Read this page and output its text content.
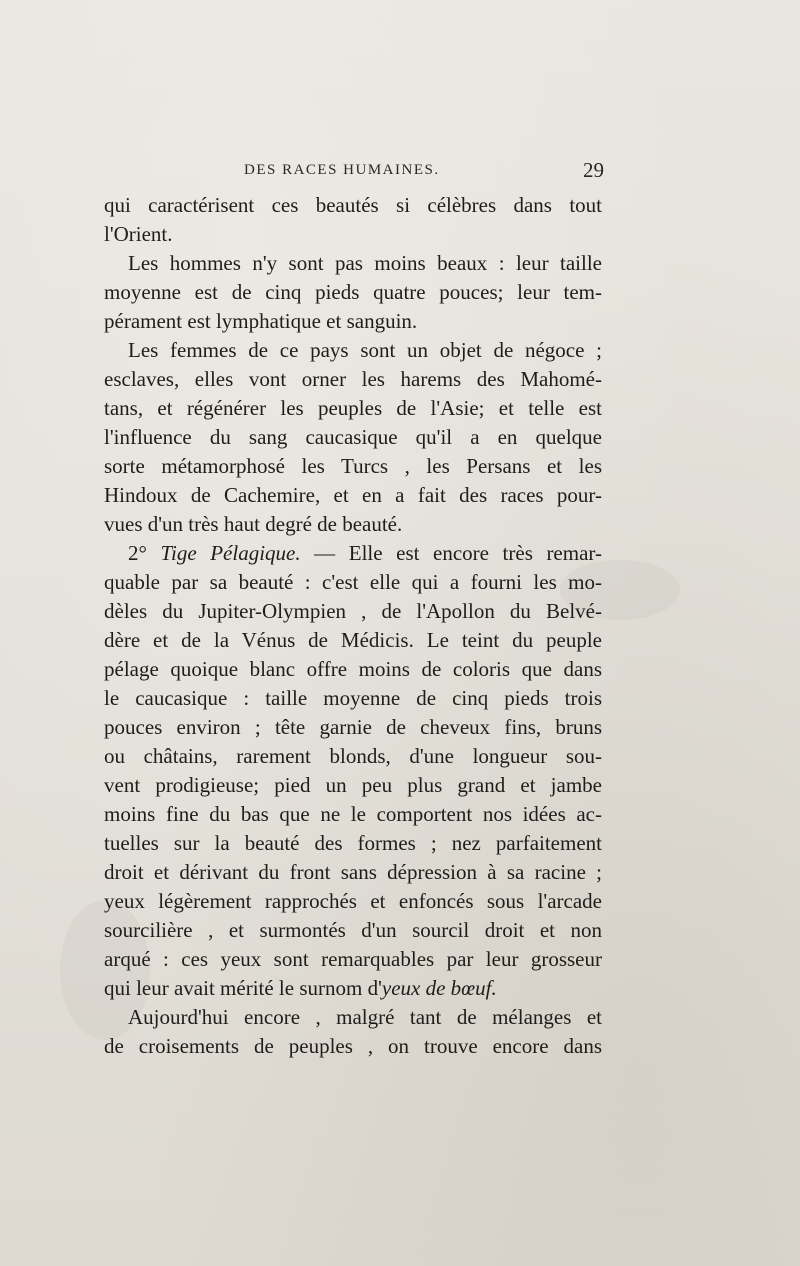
DES RACES HUMAINES.	29
qui caractérisent ces beautés si célèbres dans tout
l'Orient.
Les hommes n'y sont pas moins beaux : leur taille
moyenne est de cinq pieds quatre pouces; leur tem-
pérament est lymphatique et sanguin.
Les femmes de ce pays sont un objet de négoce ;
esclaves, elles vont orner les harems des Mahomé-
tans, et régénérer les peuples de l'Asie; et telle est
l'influence du sang caucasique qu'il a en quelque
sorte métamorphosé les Turcs , les Persans et les
Hindoux de Cachemire, et en a fait des races pour-
vues d'un très haut degré de beauté.
2° Tige Pélagique. — Elle est encore très remar-
quable par sa beauté : c'est elle qui a fourni les mo-
dèles du Jupiter-Olympien , de l'Apollon du Belvé-
dère et de la Vénus de Médicis. Le teint du peuple
pélage quoique blanc offre moins de coloris que dans
le caucasique : taille moyenne de cinq pieds trois
pouces environ ; tête garnie de cheveux fins, bruns
ou châtains, rarement blonds, d'une longueur sou-
vent prodigieuse; pied un peu plus grand et jambe
moins fine du bas que ne le comportent nos idées ac-
tuelles sur la beauté des formes ; nez parfaitement
droit et dérivant du front sans dépression à sa racine ;
yeux légèrement rapprochés et enfoncés sous l'arcade
sourcilière , et surmontés d'un sourcil droit et non
arqué : ces yeux sont remarquables par leur grosseur
qui leur avait mérité le surnom d'yeux de bœuf.
Aujourd'hui encore , malgré tant de mélanges et
de croisements de peuples , on trouve encore dans
